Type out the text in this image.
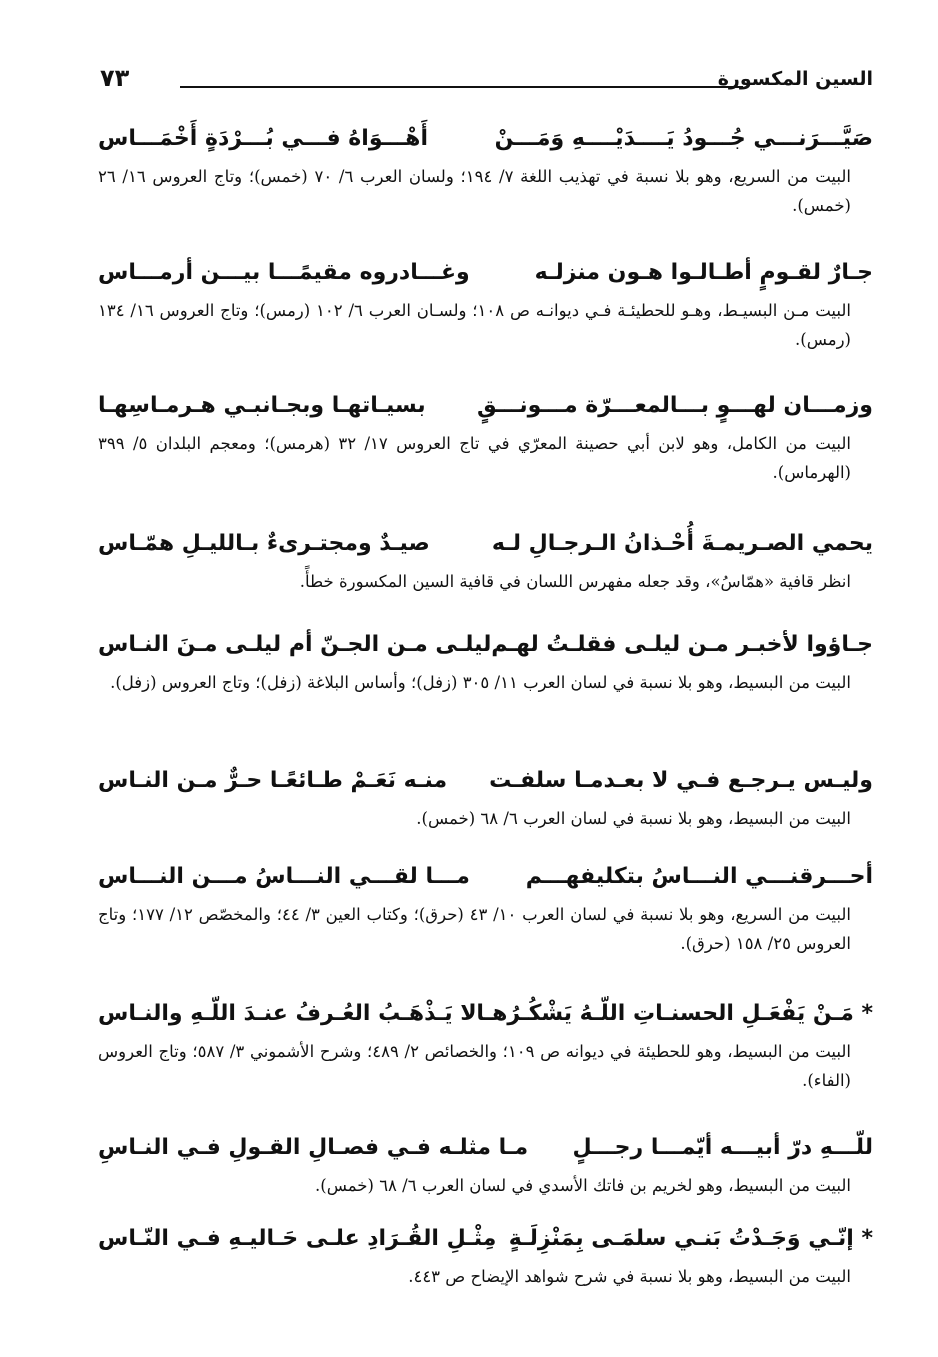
السين المكسورة
٧٣
صَيَّـــرَنـــي جُـــودُ يَــــدَيْــــهِ وَمَـــنْ
أَهْـــوَاهُ فـــي بُـــرْدَةٍ أَخْمَـــاس
البيت من السريع، وهو بلا نسبة في تهذيب اللغة ٧/ ١٩٤؛ ولسان العرب ٦/ ٧٠ (خمس)؛ وتاج العروس ١٦/ ٢٦ (خمس).
جـارٌ لقـومٍ أطـالـوا هـون منزلـه
وغـــادروه مقيمًـــا بيـــن أرمـــاس
البيت مـن البسيـط، وهـو للحطيئـة فـي ديوانـه ص ١٠٨؛ ولسـان العرب ٦/ ١٠٢ (رمس)؛ وتاج العروس ١٦/ ١٣٤ (رمس).
وزمـــان لهـــوٍ بـــالمعـــرّة مـــونـــقٍ
بسيـاتهـا وبجـانبـي هـرمـاسِهـا
البيت من الكامل، وهو لابن أبي حصينة المعرّي في تاج العروس ١٧/ ٣٢ (هرمس)؛ ومعجم البلدان ٥/ ٣٩٩ (الهرماس).
يحمي الصـريمـةَ أُحْـذانُ الـرجـالِ لـه
صيـدٌ ومجتـرىءٌ بـالليـلِ همّـاس
انظر قافية «همّاسُ»، وقد جعله مفهرس اللسان في قافية السين المكسورة خطأً.
جـاؤوا لأخبـر مـن ليلـى فقلـتُ لهـم
ليلـى مـن الجـنّ أم ليلـى مـنَ النـاس
البيت من البسيط، وهو بلا نسبة في لسان العرب ١١/ ٣٠٥ (زفل)؛ وأساس البلاغة (زفل)؛ وتاج العروس (زفل).
وليـس يـرجـع فـي لا بعـدمـا سلفـت
منـه نَعَـمْ طـائعًـا حـرٌّ مـن النـاس
البيت من البسيط، وهو بلا نسبة في لسان العرب ٦/ ٦٨ (خمس).
أحـــرقنـــي النـــاسُ بتكليفهـــم
مـــا لقـــي النـــاسُ مـــن النـــاس
البيت من السريع، وهو بلا نسبة في لسان العرب ١٠/ ٤٣ (حرق)؛ وكتاب العين ٣/ ٤٤؛ والمخصّص ١٢/ ١٧٧؛ وتاج العروس ٢٥/ ١٥٨ (حرق).
* مَـنْ يَفْعَـلِ الحسنـاتِ اللّـهُ يَشْكُـرُهـا
لا يَـذْهَـبُ العُـرفُ عنـدَ اللّـهِ والنـاس
البيت من البسيط، وهو للحطيئة في ديوانه ص ١٠٩؛ والخصائص ٢/ ٤٨٩؛ وشرح الأشموني ٣/ ٥٨٧؛ وتاج العروس (الفاء).
للّـــهِ درّ أبيـــه أيّمـــا رجـــلٍ
مـا مثلـه فـي فصـالِ القـولِ فـي النـاسِ
البيت من البسيط، وهو لخريم بن فاتك الأسدي في لسان العرب ٦/ ٦٨ (خمس).
* إنّـي وَجَـدْتُ بَنـي سلمَـى بِمَنْزِلَـةٍ
مِثْـلِ القُـرَادِ علـى حَـاليـهِ فـي النّـاس
البيت من البسيط، وهو بلا نسبة في شرح شواهد الإيضاح ص ٤٤٣.
